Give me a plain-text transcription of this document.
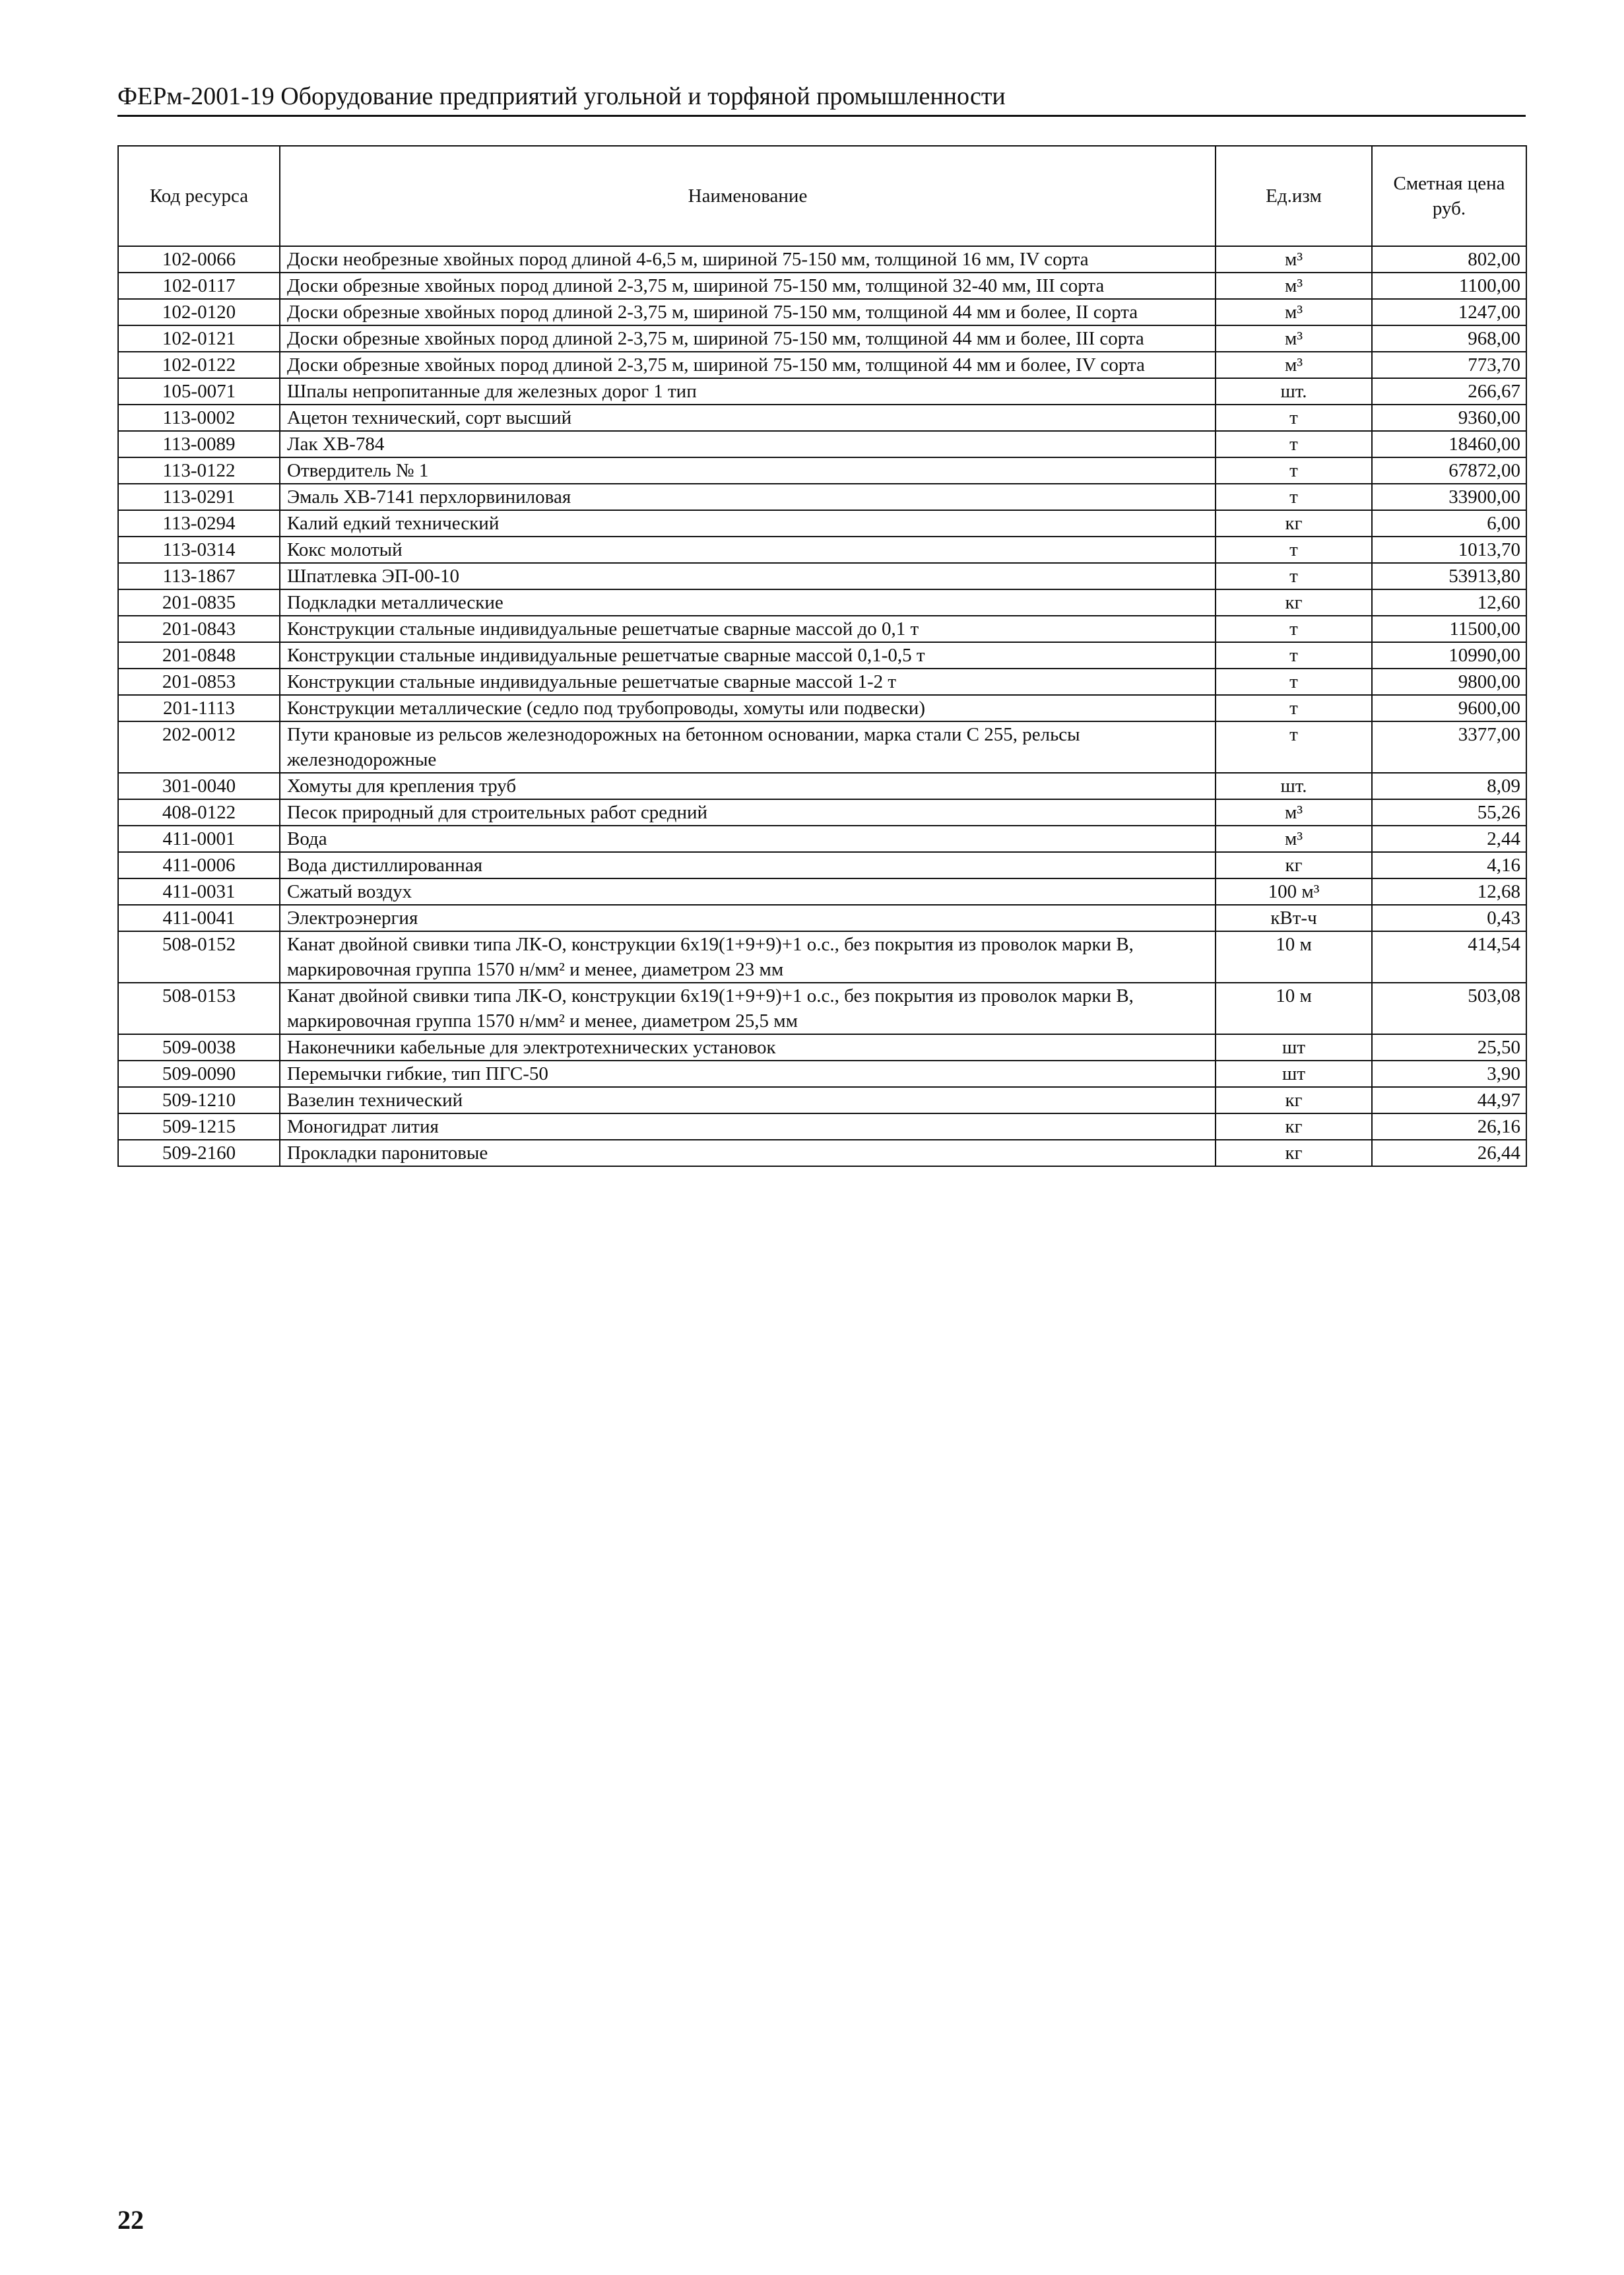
ФЕРм-2001-19 Оборудование предприятий угольной и торфяной промышленности
Код ресурса	Наименование	Ед.изм	Сметная цена руб.
102-0066	Доски необрезные хвойных пород длиной 4-6,5 м, шириной 75-150 мм, толщиной 16 мм, IV сорта	м³	802,00
102-0117	Доски обрезные хвойных пород длиной 2-3,75 м, шириной 75-150 мм, толщиной 32-40 мм, III сорта	м³	1100,00
102-0120	Доски обрезные хвойных пород длиной 2-3,75 м, шириной 75-150 мм, толщиной 44 мм и более, II сорта	м³	1247,00
102-0121	Доски обрезные хвойных пород длиной 2-3,75 м, шириной 75-150 мм, толщиной 44 мм и более, III сорта	м³	968,00
102-0122	Доски обрезные хвойных пород длиной 2-3,75 м, шириной 75-150 мм, толщиной 44 мм и более, IV сорта	м³	773,70
105-0071	Шпалы непропитанные для железных дорог 1 тип	шт.	266,67
113-0002	Ацетон технический, сорт высший	т	9360,00
113-0089	Лак ХВ-784	т	18460,00
113-0122	Отвердитель № 1	т	67872,00
113-0291	Эмаль ХВ-7141 перхлорвиниловая	т	33900,00
113-0294	Калий едкий технический	кг	6,00
113-0314	Кокс молотый	т	1013,70
113-1867	Шпатлевка ЭП-00-10	т	53913,80
201-0835	Подкладки металлические	кг	12,60
201-0843	Конструкции стальные индивидуальные решетчатые сварные массой до 0,1 т	т	11500,00
201-0848	Конструкции стальные индивидуальные решетчатые сварные массой 0,1-0,5 т	т	10990,00
201-0853	Конструкции стальные индивидуальные решетчатые сварные массой 1-2 т	т	9800,00
201-1113	Конструкции металлические (седло под трубопроводы, хомуты или подвески)	т	9600,00
202-0012	Пути крановые из рельсов железнодорожных на бетонном основании, марка стали С 255, рельсы железнодорожные	т	3377,00
301-0040	Хомуты для крепления труб	шт.	8,09
408-0122	Песок природный для строительных работ средний	м³	55,26
411-0001	Вода	м³	2,44
411-0006	Вода дистиллированная	кг	4,16
411-0031	Сжатый воздух	100 м³	12,68
411-0041	Электроэнергия	кВт-ч	0,43
508-0152	Канат двойной свивки типа ЛК-О, конструкции 6х19(1+9+9)+1 о.с., без покрытия из проволок марки В, маркировочная группа 1570 н/мм² и менее, диаметром 23 мм	10 м	414,54
508-0153	Канат двойной свивки типа ЛК-О, конструкции 6х19(1+9+9)+1 о.с., без покрытия из проволок марки В, маркировочная группа 1570 н/мм² и менее, диаметром 25,5 мм	10 м	503,08
509-0038	Наконечники кабельные для электротехнических установок	шт	25,50
509-0090	Перемычки гибкие, тип ПГС-50	шт	3,90
509-1210	Вазелин технический	кг	44,97
509-1215	Моногидрат лития	кг	26,16
509-2160	Прокладки паронитовые	кг	26,44
22
